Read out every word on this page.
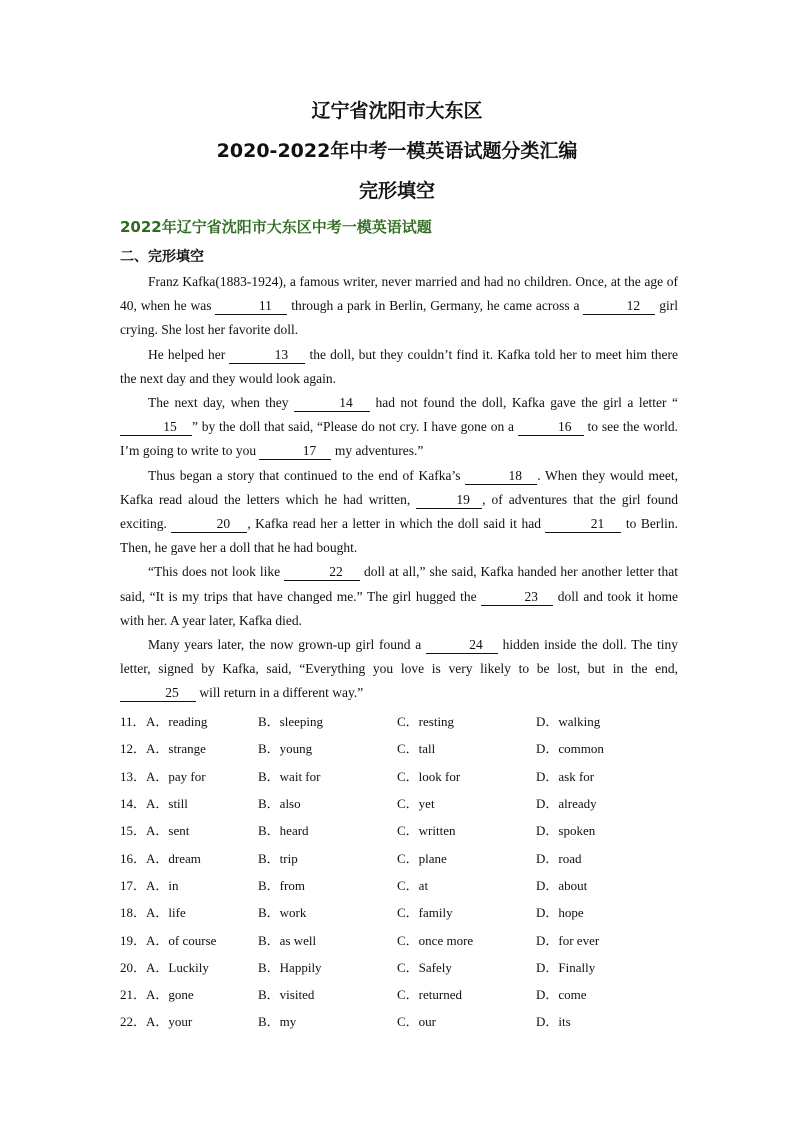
辽宁省沈阳市大东区
2020-2022年中考一模英语试题分类汇编
完形填空
2022年辽宁省沈阳市大东区中考一模英语试题
二、完形填空

Franz Kafka(1883-1924), a famous writer, never married and had no children. Once, at the age of 40, when he was	11 through a park in Berlin, Germany, he came across a	12 girl crying. She lost her favorite doll.

He helped her	13 the doll, but they couldn’t find it. Kafka told her to meet him there the next day and they would look again.

The next day, when they	14 had not found the doll, Kafka gave the girl a letter “15 ” by the doll that said, “Please do not cry. I have gone on a	16 to see the world. I’m going to write to you	17 my adventures.”

Thus began a story that continued to the end of Kafka’s	18 . When they would meet, Kafka read aloud the letters which he had written,	19 , of adventures that the girl found exciting.	20 , Kafka read her a letter in which the doll said it had	21 to Berlin. Then, he gave her a doll that he had bought.

“This does not look like	22 doll at all,” she said, Kafka handed her another letter that said, “It is my trips that have changed me.” The girl hugged the	23 doll and took it home with her. A year later, Kafka died.

Many years later, the now grown-up girl found a	24 hidden inside the doll. The tiny letter, signed by Kafka, said, “Everything you love is very likely to be lost, but in the end, 25 will return in a different way.”

11． A．reading	B．sleeping	C．resting	D．walking
12． A．strange	B．young	C．tall	D．common
13． A．pay for	B．wait for	C．look for	D．ask for
14． A．still	B．also	C．yet	D．already
15． A．sent	B．heard	C．written	D．spoken
16． A．dream	B．trip	C．plane	D．road
17． A．in	B．from	C．at	D．about
18． A．life	B．work	C．family	D．hope
19． A．of course	B．as well	C．once more	D．for ever
20． A．Luckily	B．Happily	C．Safely	D．Finally
21． A．gone	B．visited	C．returned	D．come
22． A．your	B．my	C．our	D．its
